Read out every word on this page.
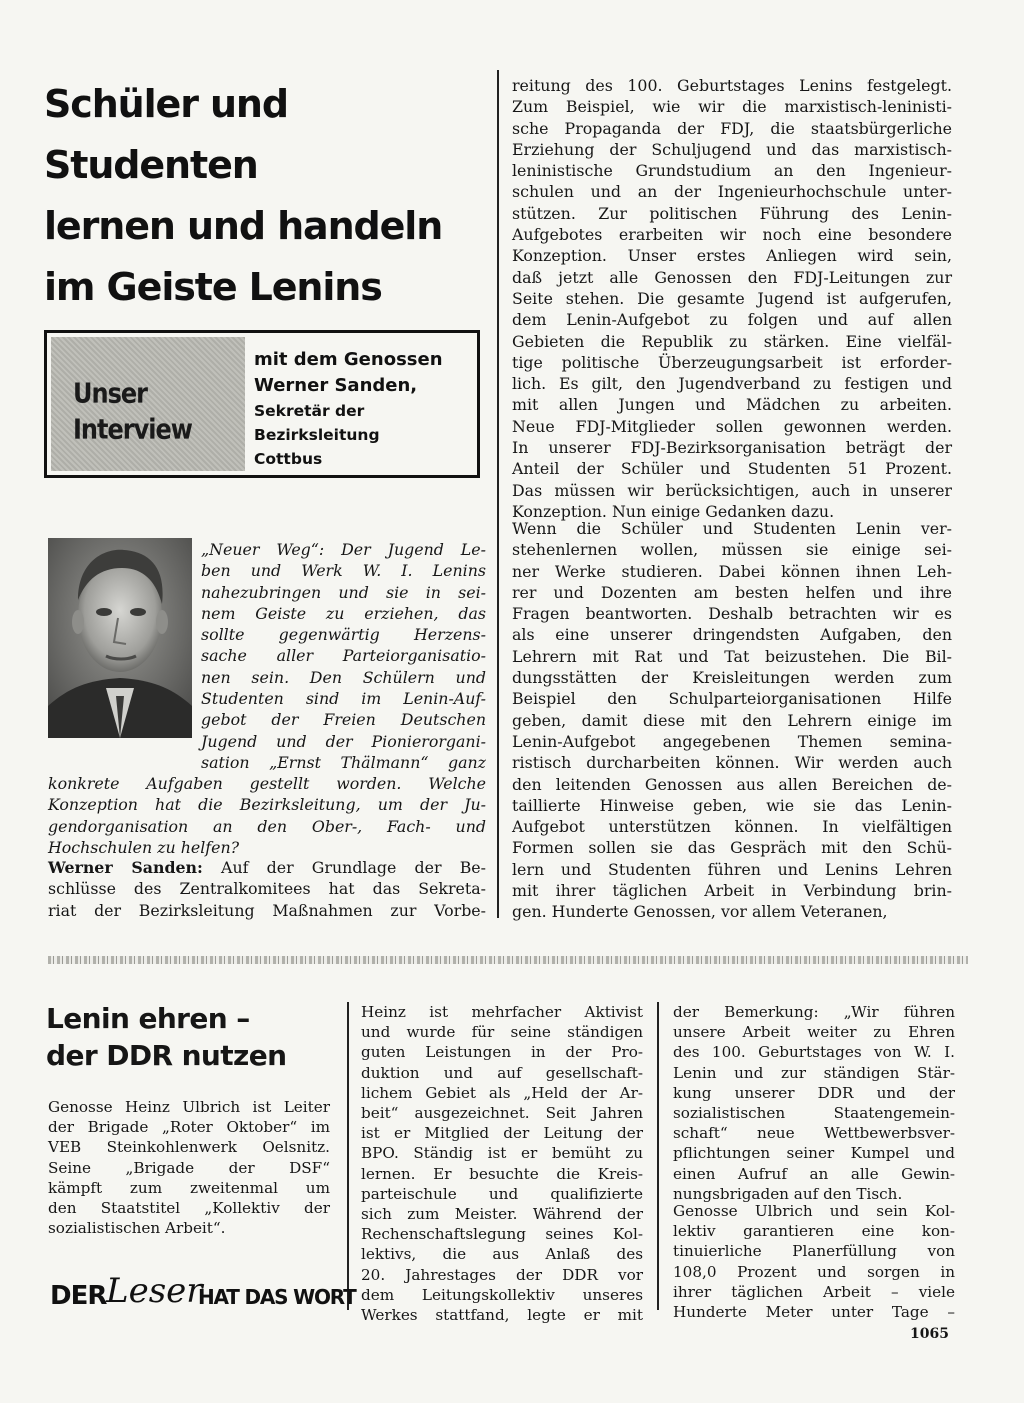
Schüler und
Studenten
lernen und handeln
im Geiste Lenins
Unser
Interview
mit dem Genossen
Werner Sanden,
Sekretär der
Bezirksleitung
Cottbus
„Neuer Weg“: Der Jugend Le-
ben und Werk W. I. Lenins
nahezubringen und sie in sei-
nem Geiste zu erziehen, das
sollte gegenwärtig Herzens-
sache aller Parteiorganisatio-
nen sein. Den Schülern und
Studenten sind im Lenin-Auf-
gebot der Freien Deutschen
Jugend und der Pionierorgani-
sation „Ernst Thälmann“ ganz
konkrete Aufgaben gestellt worden. Welche
Konzeption hat die Bezirksleitung, um der Ju-
gendorganisation an den Ober-, Fach- und
Hochschulen zu helfen?
Werner Sanden: Auf der Grundlage der Be-
schlüsse des Zentralkomitees hat das Sekreta-
riat der Bezirksleitung Maßnahmen zur Vorbe-
reitung des 100. Geburtstages Lenins festgelegt.
Zum Beispiel, wie wir die marxistisch-leninisti-
sche Propaganda der FDJ, die staatsbürgerliche
Erziehung der Schuljugend und das marxistisch-
leninistische Grundstudium an den Ingenieur-
schulen und an der Ingenieurhochschule unter-
stützen. Zur politischen Führung des Lenin-
Aufgebotes erarbeiten wir noch eine besondere
Konzeption. Unser erstes Anliegen wird sein,
daß jetzt alle Genossen den FDJ-Leitungen zur
Seite stehen. Die gesamte Jugend ist aufgerufen,
dem Lenin-Aufgebot zu folgen und auf allen
Gebieten die Republik zu stärken. Eine vielfäl-
tige politische Überzeugungsarbeit ist erforder-
lich. Es gilt, den Jugendverband zu festigen und
mit allen Jungen und Mädchen zu arbeiten.
Neue FDJ-Mitglieder sollen gewonnen werden.
In unserer FDJ-Bezirksorganisation beträgt der
Anteil der Schüler und Studenten 51 Prozent.
Das müssen wir berücksichtigen, auch in unserer
Konzeption. Nun einige Gedanken dazu.
Wenn die Schüler und Studenten Lenin ver-
stehenlernen wollen, müssen sie einige sei-
ner Werke studieren. Dabei können ihnen Leh-
rer und Dozenten am besten helfen und ihre
Fragen beantworten. Deshalb betrachten wir es
als eine unserer dringendsten Aufgaben, den
Lehrern mit Rat und Tat beizustehen. Die Bil-
dungsstätten der Kreisleitungen werden zum
Beispiel den Schulparteiorganisationen Hilfe
geben, damit diese mit den Lehrern einige im
Lenin-Aufgebot angegebenen Themen semina-
ristisch durcharbeiten können. Wir werden auch
den leitenden Genossen aus allen Bereichen de-
taillierte Hinweise geben, wie sie das Lenin-
Aufgebot unterstützen können. In vielfältigen
Formen sollen sie das Gespräch mit den Schü-
lern und Studenten führen und Lenins Lehren
mit ihrer täglichen Arbeit in Verbindung brin-
gen. Hunderte Genossen, vor allem Veteranen,
Lenin ehren –
der DDR nutzen
Genosse Heinz Ulbrich ist Leiter
der Brigade „Roter Oktober“ im
VEB Steinkohlenwerk Oelsnitz.
Seine „Brigade der DSF“
kämpft zum zweitenmal um
den Staatstitel „Kollektiv der
sozialistischen Arbeit“.
Heinz ist mehrfacher Aktivist
und wurde für seine ständigen
guten Leistungen in der Pro-
duktion und auf gesellschaft-
lichem Gebiet als „Held der Ar-
beit“ ausgezeichnet. Seit Jahren
ist er Mitglied der Leitung der
BPO. Ständig ist er bemüht zu
lernen. Er besuchte die Kreis-
parteischule und qualifizierte
sich zum Meister. Während der
Rechenschaftslegung seines Kol-
lektivs, die aus Anlaß des
20. Jahrestages der DDR vor
dem Leitungskollektiv unseres
Werkes stattfand, legte er mit
der Bemerkung: „Wir führen
unsere Arbeit weiter zu Ehren
des 100. Geburtstages von W. I.
Lenin und zur ständigen Stär-
kung unserer DDR und der
sozialistischen Staatengemein-
schaft“ neue Wettbewerbsver-
pflichtungen seiner Kumpel und
einen Aufruf an alle Gewin-
nungsbrigaden auf den Tisch.
Genosse Ulbrich und sein Kol-
lektiv garantieren eine kon-
tinuierliche Planerfüllung von
108,0 Prozent und sorgen in
ihrer täglichen Arbeit – viele
Hunderte Meter unter Tage –
DER Leser
HAT DAS WORT
1065
